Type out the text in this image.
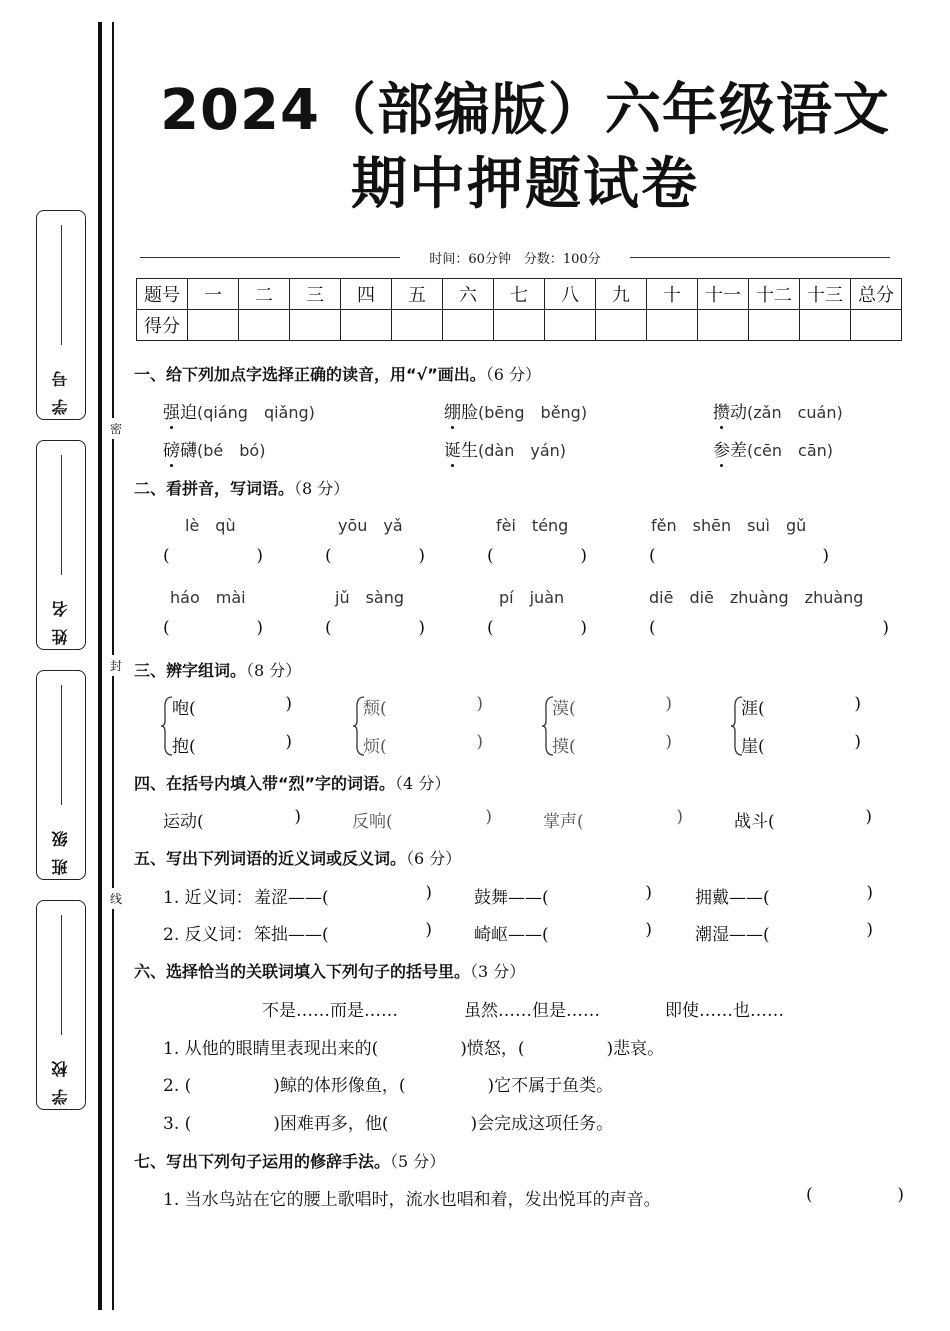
密
封
线
学号
姓名
班级
学校
2024（部编版）六年级语文
期中押题试卷
时间：60分钟　分数：100分
题号	一	二	三	四	五	六	七	八	九	十	十一	十二	十三	总分
得分														
一、给下列加点字选择正确的读音，用“√”画出。（6 分）
强迫(qiáng　qiǎng)	绷脸(bēng　běng)	攒动(zǎn　cuán)
磅礴(bé　bó)	诞生(dàn　yán)	参差(cēn　cān)
二、看拼音，写词语。（8 分）
lè　qù	yōu　yǎ	fèi　téng	fěn　shēn　suì　gǔ
(	)	(	)	(	)	(	)
háo　mài	jǔ　sàng	pí　juàn	diē　diē　zhuàng　zhuàng
(	)	(	)	(	)	(	)
三、辨字组词。（8 分）
咆(	)
抱(	)
颓(	)
烦(	)
漠(	)
摸(	)
涯(	)
崖(	)
四、在括号内填入带“烈”字的词语。（4 分）
运动(	)	反响(	)	掌声(	)	战斗(	)
五、写出下列词语的近义词或反义词。（6 分）
1. 近义词： 羞涩——(	) 鼓舞——(	)	拥戴——(	)
2. 反义词： 笨拙——(	) 崎岖——(	)	潮湿——(	)
六、选择恰当的关联词填入下列句子的括号里。（3 分）
不是……而是……	虽然……但是……	即使……也……
1. 从他的眼睛里表现出来的(	)愤怒，(	)悲哀。
2. (	)鲸的体形像鱼，(	)它不属于鱼类。
3. (	)困难再多，他(	)会完成这项任务。
七、写出下列句子运用的修辞手法。（5 分）
1. 当水鸟站在它的腰上歌唱时，流水也唱和着，发出悦耳的声音。	(	)
